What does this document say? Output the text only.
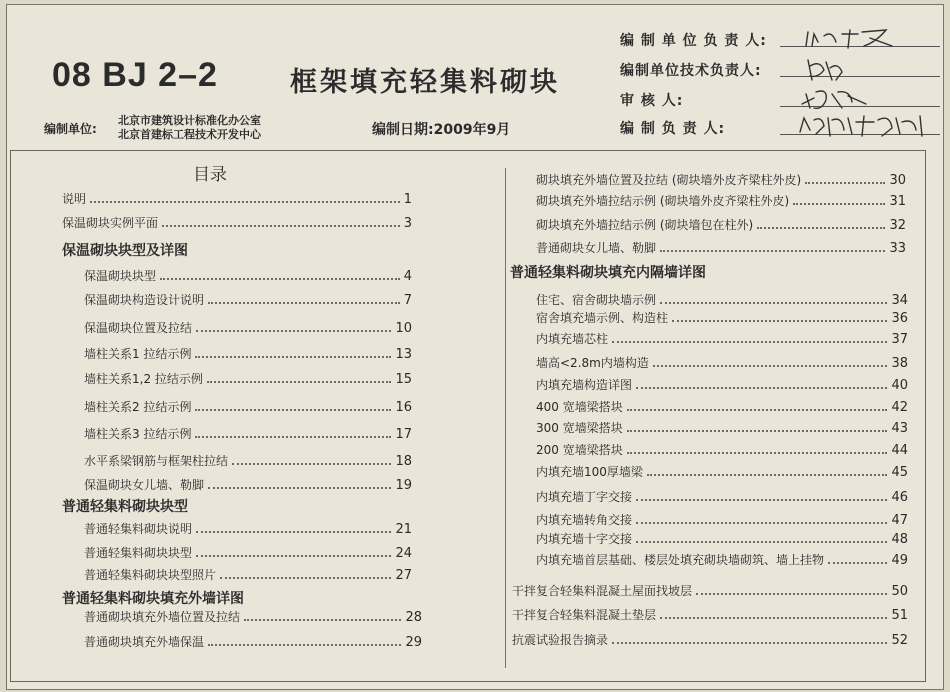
08 BJ 2–2	框架填充轻集料砌块
编制单位:
北京市建筑设计标准化办公室
北京首建标工程技术开发中心	编制日期:2009年9月
编 制 单 位 负 责 人:
编制单位技术负责人:
审 核 人:
编 制 负 责 人:
目录
保温砌块块型及详图
普通轻集料砌块块型
普通轻集料砌块填充外墙详图
普通轻集料砌块填充内隔墙详图
说明	1
保温砌块实例平面	3
保温砌块块型	4
保温砌块构造设计说明	7
保温砌块位置及拉结	10
墙柱关系1 拉结示例	13
墙柱关系1,2 拉结示例	15
墙柱关系2 拉结示例	16
墙柱关系3 拉结示例	17
水平系梁钢筋与框架柱拉结	18
保温砌块女儿墙、勒脚	19
普通轻集料砌块说明	21
普通轻集料砌块块型	24
普通轻集料砌块块型照片	27
普通砌块填充外墙位置及拉结	28
普通砌块填充外墙保温	29
砌块填充外墙位置及拉结 (砌块墙外皮齐梁柱外皮)	30
砌块填充外墙拉结示例 (砌块墙外皮齐梁柱外皮)	31
砌块填充外墙拉结示例 (砌块墙包在柱外)	32
普通砌块女儿墙、勒脚	33
住宅、宿舍砌块墙示例	34
宿舍填充墙示例、构造柱	36
内填充墙芯柱	37
墙高<2.8m内墙构造	38
内填充墙构造详图	40
400 宽墙梁搭块	42
300 宽墙梁搭块	43
200 宽墙梁搭块	44
内填充墙100厚墙梁	45
内填充墙丁字交接	46
内填充墙转角交接	47
内填充墙十字交接	48
内填充墙首层基础、楼层处填充砌块墙砌筑、墙上挂物	49
干拌复合轻集料混凝土屋面找坡层	50
干拌复合轻集料混凝土垫层	51
抗震试验报告摘录	52
